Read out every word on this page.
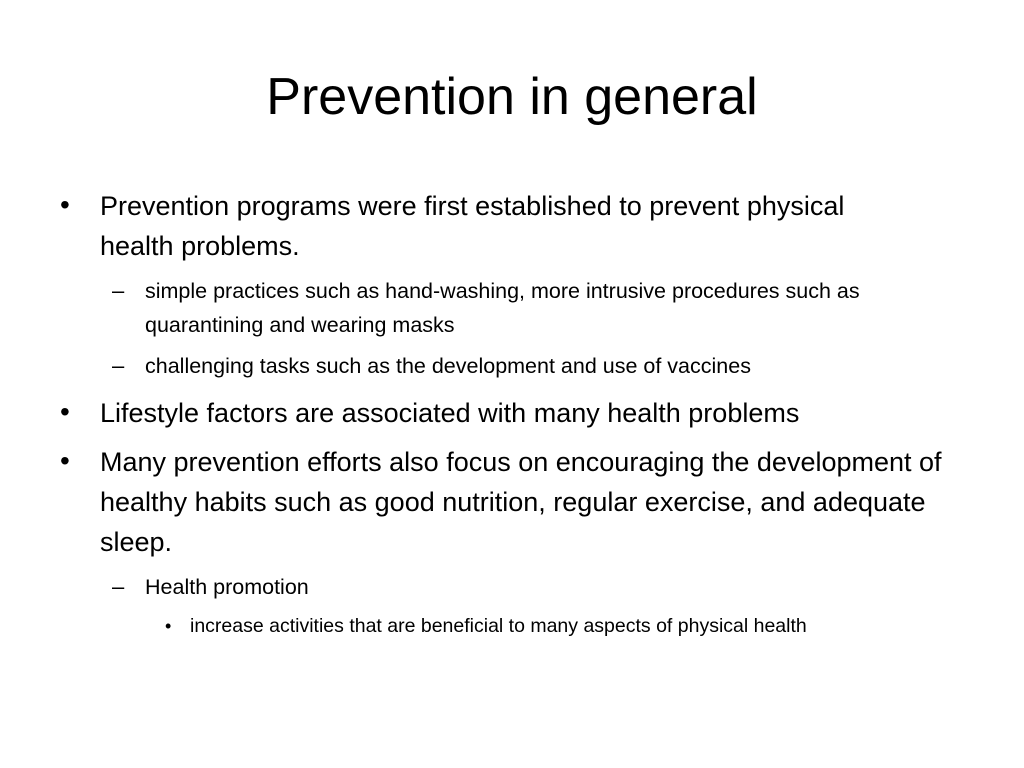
Prevention in general
•	Prevention programs were first established to prevent physical health problems.
– simple practices such as hand-washing, more intrusive procedures such as quarantining and wearing masks
– challenging tasks such as the development and use of vaccines
•	Lifestyle factors are associated with many health problems
•	Many prevention efforts also focus on encouraging the development of healthy habits such as good nutrition, regular exercise, and adequate sleep.
– Health promotion
• increase activities that are beneficial to many aspects of physical health
